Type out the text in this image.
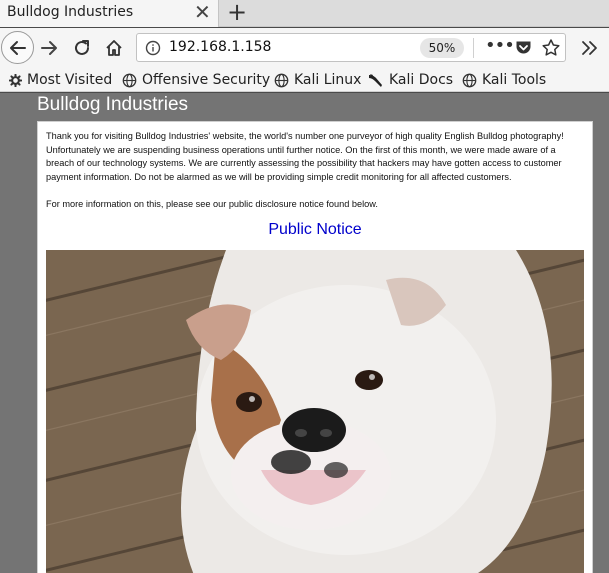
Bulldog Industries	✕ +
192.168.1.158	50%	•••
Most Visited Offensive Security Kali Linux Kali Docs Kali Tools
Bulldog Industries

Thank you for visiting Bulldog Industries' website, the world's number one purveyor of high quality English Bulldog photography! Unfortunately we are suspending business operations until further notice. On the first of this month, we were made aware of a breach of our technology systems. We are currently assessing the possibility that hackers may have gotten access to customer payment information. Do not be alarmed as we will be providing simple credit monitoring for all affected customers.

For more information on this, please see our public disclosure notice found below.

Public Notice
